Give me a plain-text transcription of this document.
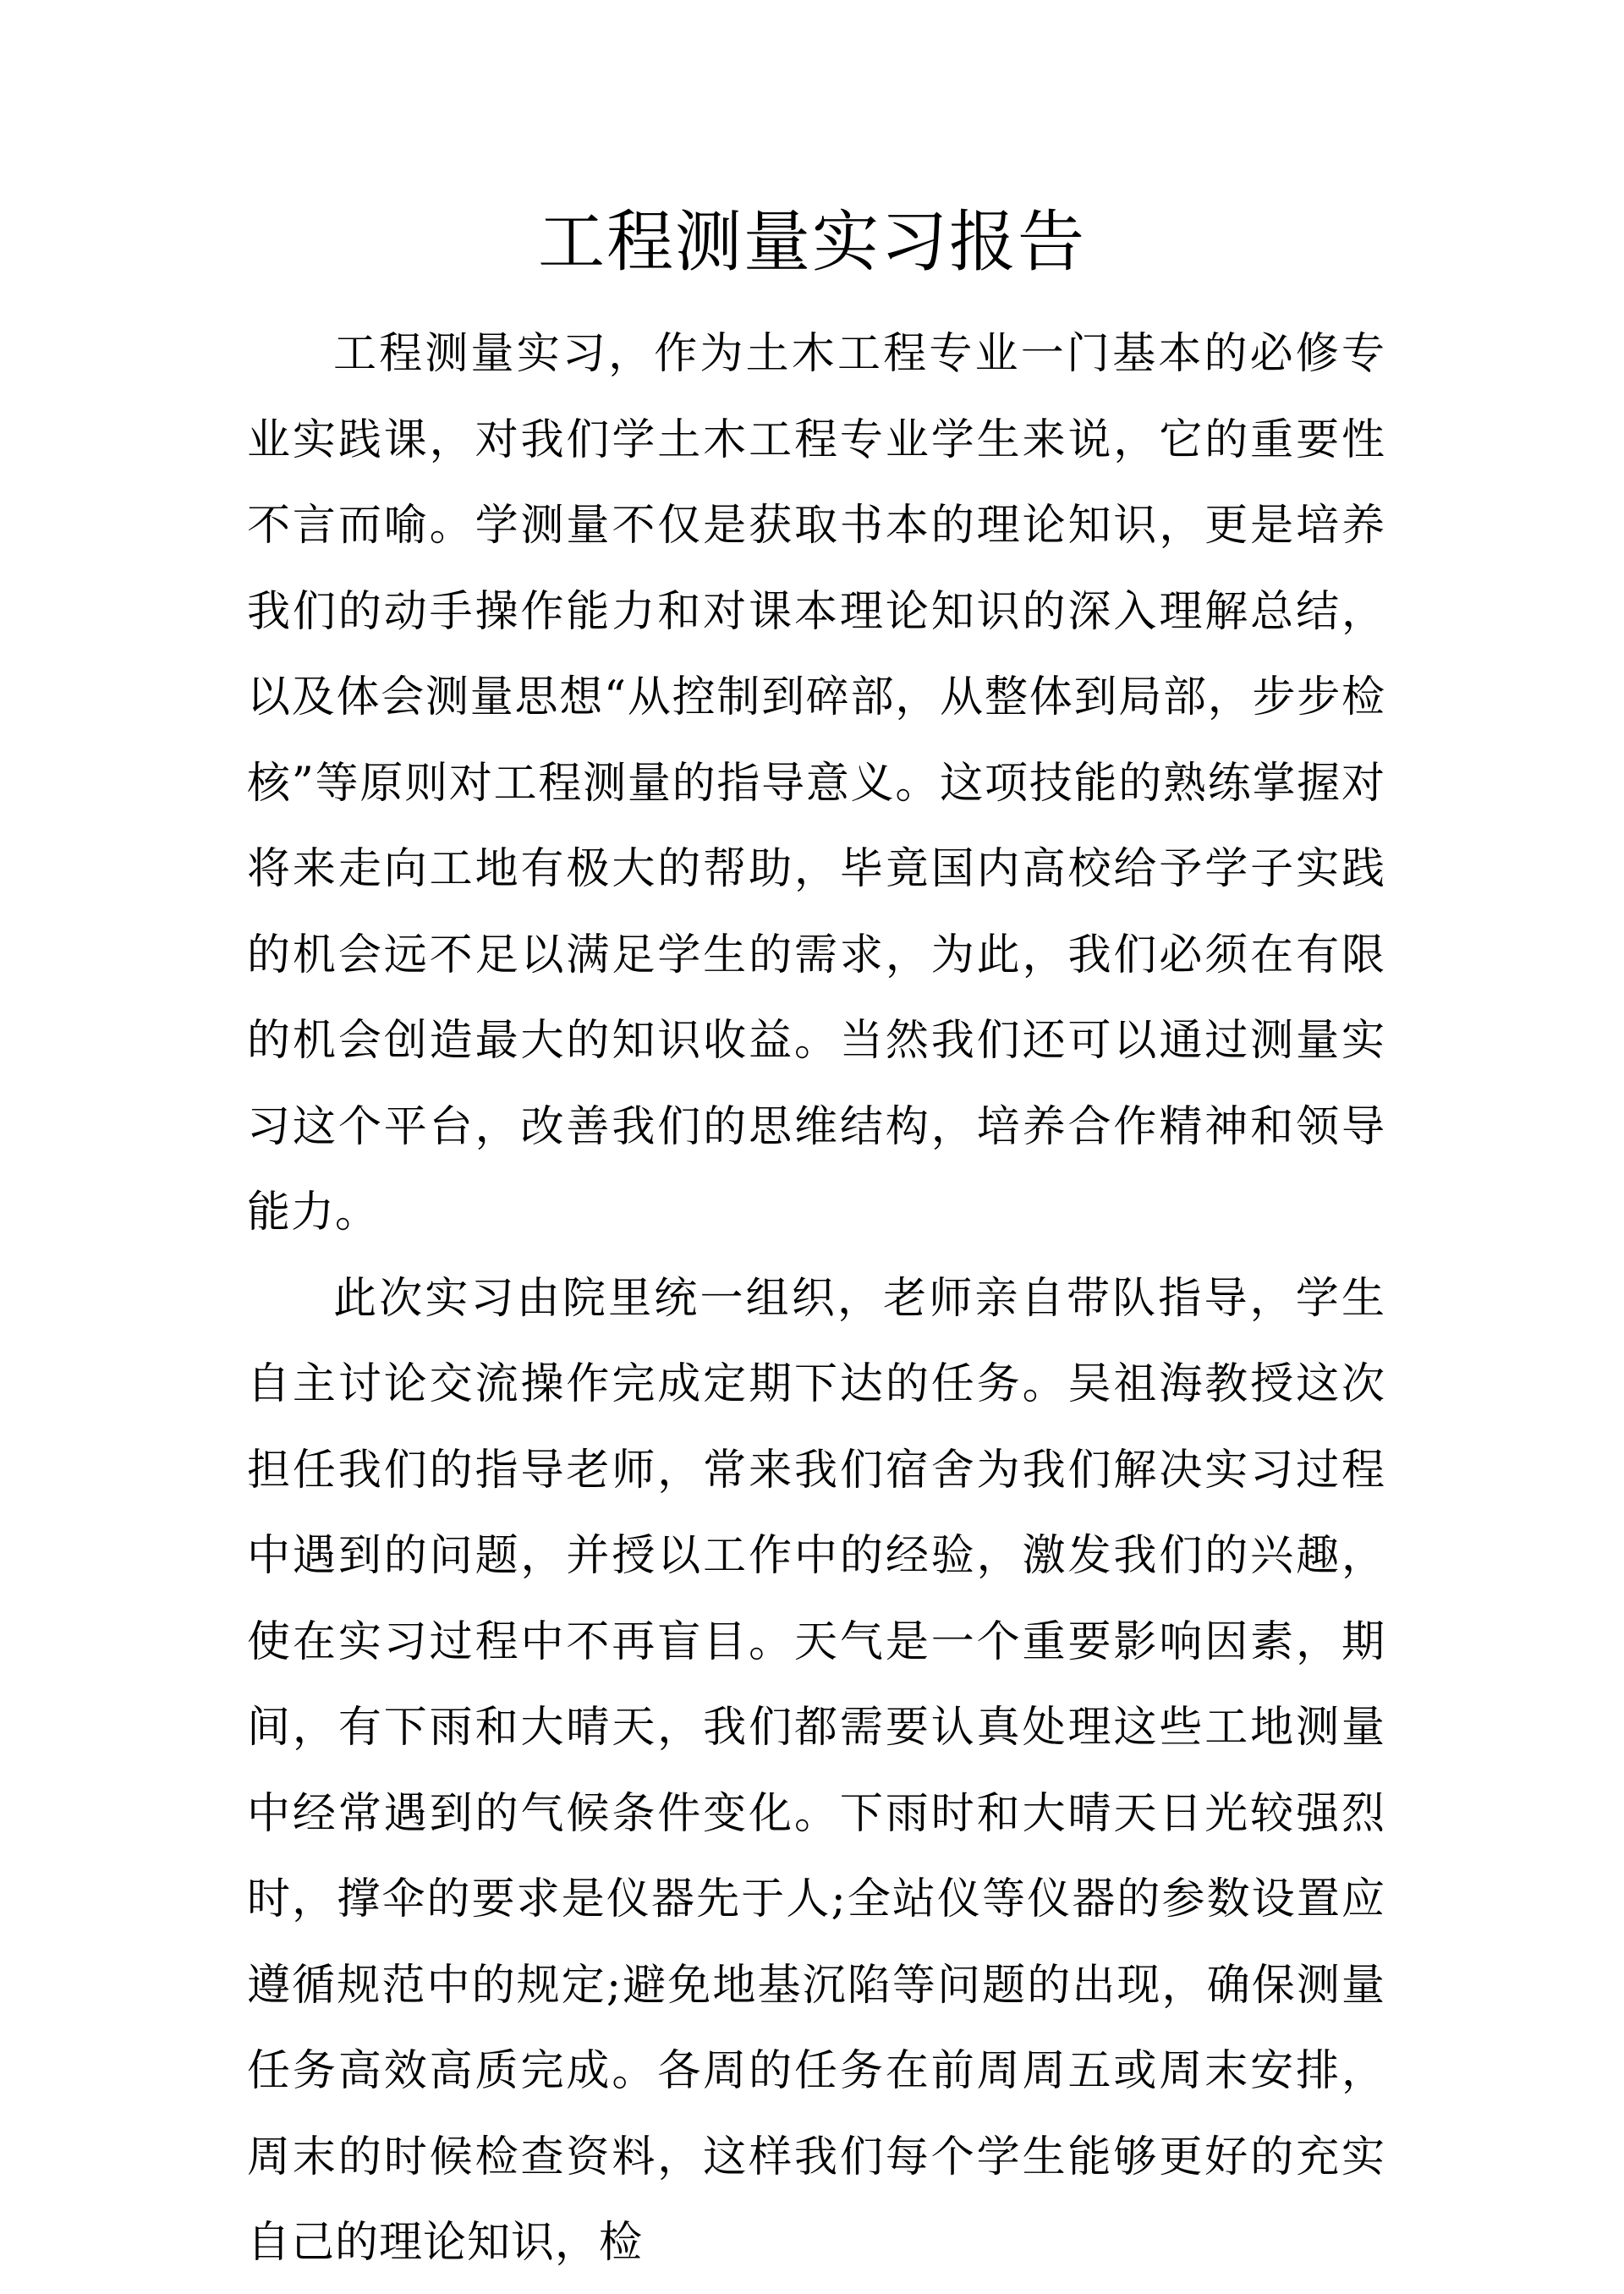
工程测量实习报告

工程测量实习，作为土木工程专业一门基本的必修专业实践课，对我们学土木工程专业学生来说，它的重要性不言而喻。学测量不仅是获取书本的理论知识，更是培养我们的动手操作能力和对课本理论知识的深入理解总结，以及体会测量思想“从控制到碎部，从整体到局部，步步检核”等原则对工程测量的指导意义。这项技能的熟练掌握对将来走向工地有极大的帮助，毕竟国内高校给予学子实践的机会远不足以满足学生的需求，为此，我们必须在有限的机会创造最大的知识收益。当然我们还可以通过测量实习这个平台，改善我们的思维结构，培养合作精神和领导能力。

此次实习由院里统一组织，老师亲自带队指导，学生自主讨论交流操作完成定期下达的任务。吴祖海教授这次担任我们的指导老师，常来我们宿舍为我们解决实习过程中遇到的问题，并授以工作中的经验，激发我们的兴趣，使在实习过程中不再盲目。天气是一个重要影响因素，期间，有下雨和大晴天，我们都需要认真处理这些工地测量中经常遇到的气候条件变化。下雨时和大晴天日光较强烈时，撑伞的要求是仪器先于人;全站仪等仪器的参数设置应遵循规范中的规定;避免地基沉陷等问题的出现，确保测量任务高效高质完成。各周的任务在前周周五或周末安排，周末的时候检查资料，这样我们每个学生能够更好的充实自己的理论知识，检
